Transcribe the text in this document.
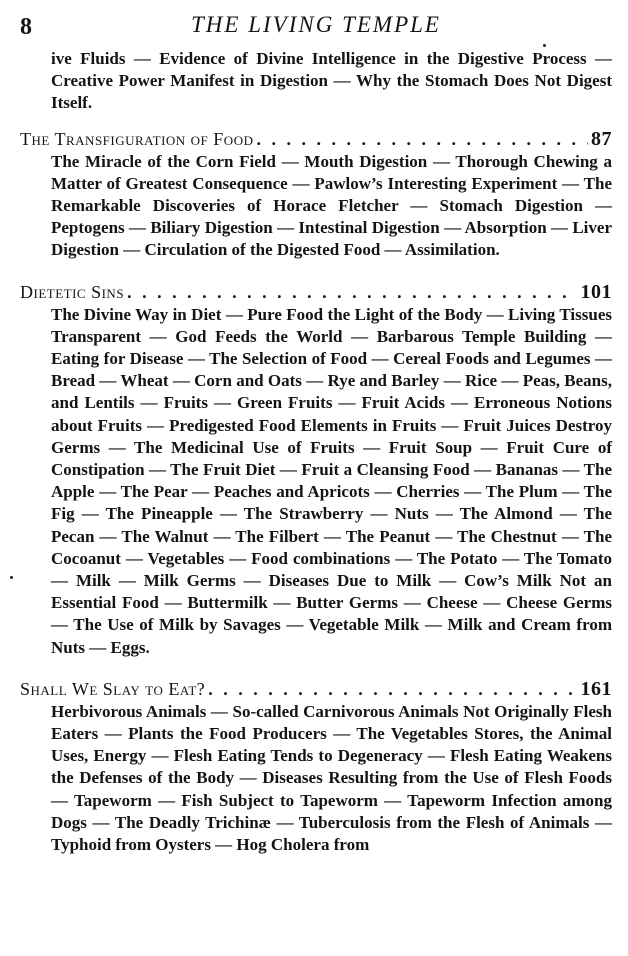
8	THE LIVING TEMPLE

ive Fluids — Evidence of Divine Intelligence in the Digestive Process — Creative Power Manifest in Digestion — Why the Stomach Does Not Digest Itself.

The Transfiguration of Food . . .	87

The Miracle of the Corn Field — Mouth Digestion — Thorough Chewing a Matter of Greatest Consequence — Pawlow’s Interesting Experiment — The Remarkable Discoveries of Horace Fletcher — Stomach Digestion — Peptogens — Biliary Digestion — Intestinal Digestion — Absorption — Liver Digestion — Circulation of the Digested Food — Assimilation.

Dietetic Sins . . .	101

The Divine Way in Diet — Pure Food the Light of the Body — Living Tissues Transparent — God Feeds the World — Barbarous Temple Building — Eating for Disease — The Selection of Food — Cereal Foods and Legumes — Bread — Wheat — Corn and Oats — Rye and Barley — Rice — Peas, Beans, and Lentils — Fruits — Green Fruits — Fruit Acids — Erroneous Notions about Fruits — Predigested Food Elements in Fruits — Fruit Juices Destroy Germs — The Medicinal Use of Fruits — Fruit Soup — Fruit Cure of Constipation — The Fruit Diet — Fruit a Cleansing Food — Bananas — The Apple — The Pear — Peaches and Apricots — Cherries — The Plum — The Fig — The Pineapple — The Strawberry — Nuts — The Almond — The Pecan — The Walnut — The Filbert — The Peanut — The Chestnut — The Cocoanut — Vegetables — Food combinations — The Potato — The Tomato — Milk — Milk Germs — Diseases Due to Milk — Cow’s Milk Not an Essential Food — Buttermilk — Butter Germs — Cheese — Cheese Germs — The Use of Milk by Savages — Vegetable Milk — Milk and Cream from Nuts — Eggs.

Shall We Slay to Eat? . . .	161

Herbivorous Animals — So-called Carnivorous Animals Not Originally Flesh Eaters — Plants the Food Producers — The Vegetables Stores, the Animal Uses, Energy — Flesh Eating Tends to Degeneracy — Flesh Eating Weakens the Defenses of the Body — Diseases Resulting from the Use of Flesh Foods — Tapeworm — Fish Subject to Tapeworm — Tapeworm Infection among Dogs — The Deadly Trichinæ — Tuberculosis from the Flesh of Animals — Typhoid from Oysters — Hog Cholera from
